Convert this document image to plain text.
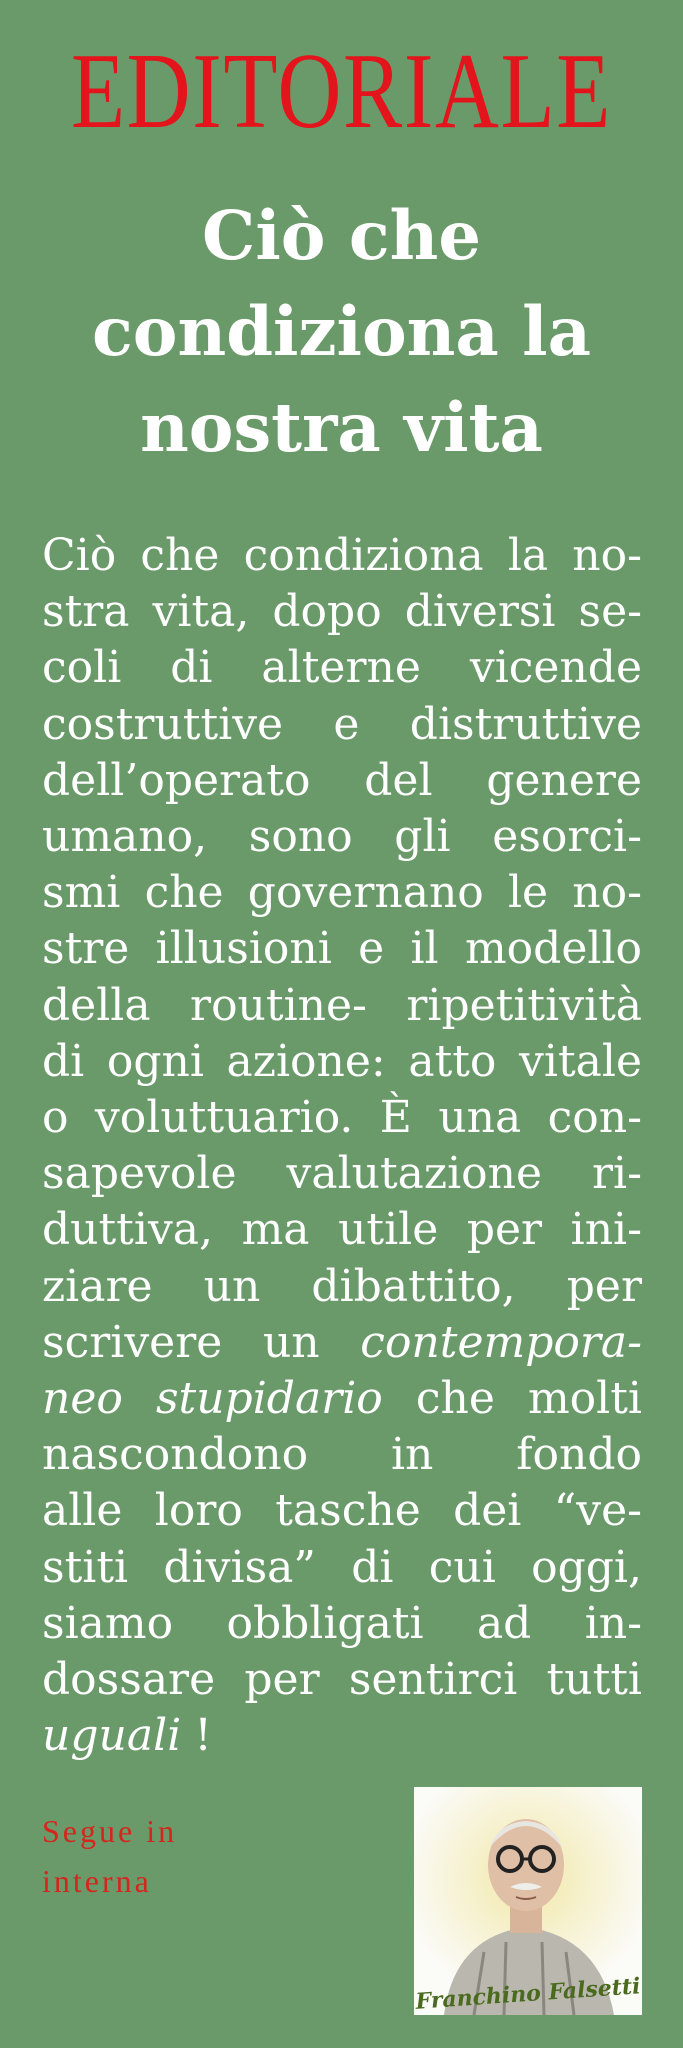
EDITORIALE
Ciò che
condiziona la
nostra vita
Ciò che condiziona la no-
stra vita, dopo diversi se-
coli di alterne vicende
costruttive e distruttive
dell’operato del genere
umano, sono gli esorci-
smi che governano le no-
stre illusioni e il modello
della routine- ripetitività
di ogni azione: atto vitale
o voluttuario. È una con-
sapevole valutazione ri-
duttiva, ma utile per ini-
ziare un dibattito, per
scrivere un contempora-
neo stupidario che molti
nascondono in fondo
alle loro tasche dei “ve-
stiti divisa” di cui oggi,
siamo obbligati ad in-
dossare per sentirci tutti
uguali !
Segue in
interna
Franchino Falsetti
